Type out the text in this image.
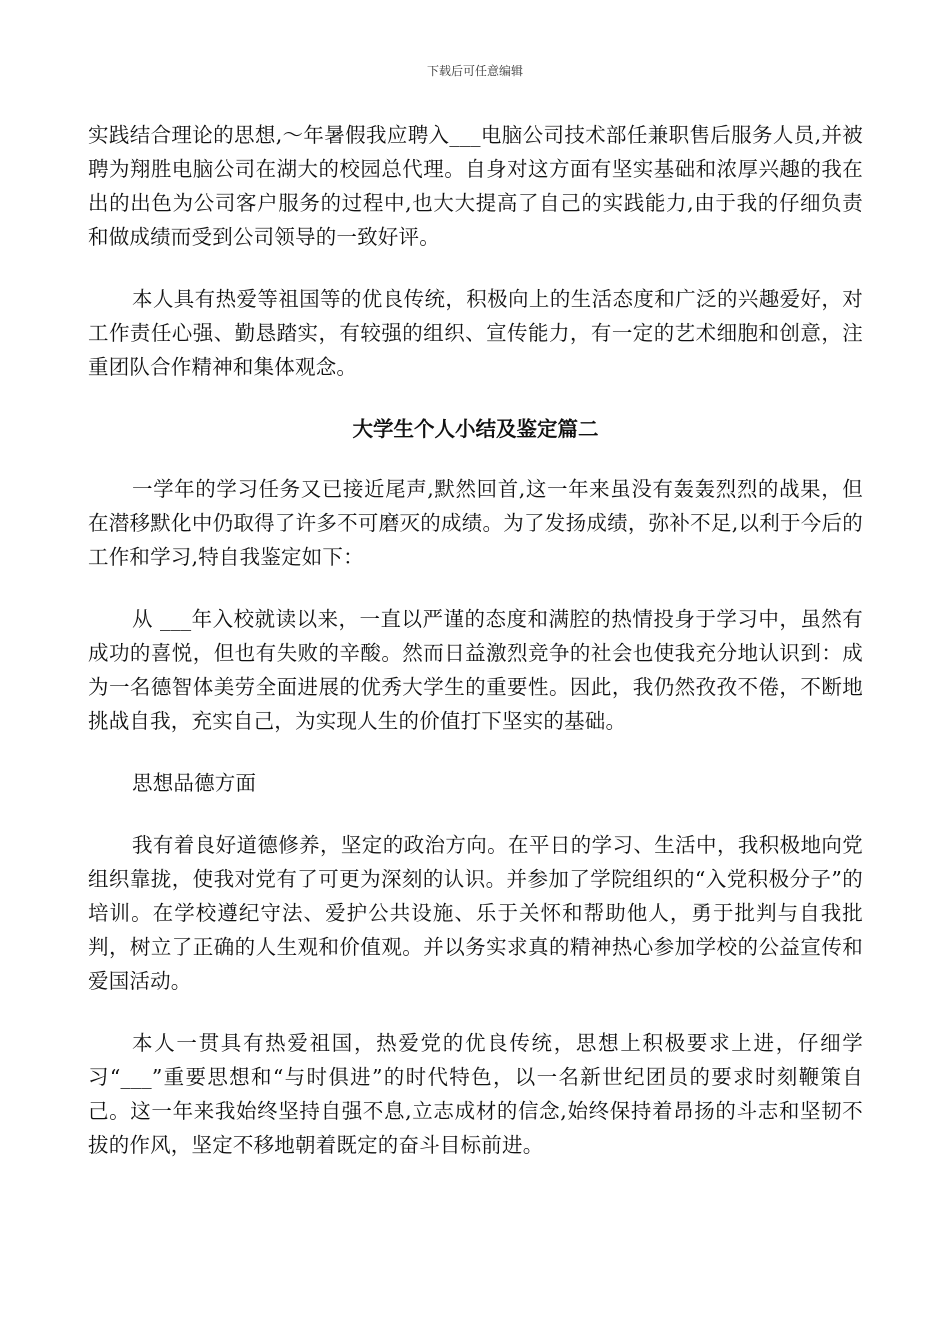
下载后可任意编辑

实践结合理论的思想,～年暑假我应聘入___电脑公司技术部任兼职售后服务人员,并被聘为翔胜电脑公司在湖大的校园总代理。自身对这方面有坚实基础和浓厚兴趣的我在出的出色为公司客户服务的过程中,也大大提高了自己的实践能力,由于我的仔细负责和做成绩而受到公司领导的一致好评。

本人具有热爱等祖国等的优良传统，积极向上的生活态度和广泛的兴趣爱好，对工作责任心强、勤恳踏实，有较强的组织、宣传能力，有一定的艺术细胞和创意，注重团队合作精神和集体观念。

大学生个人小结及鉴定篇二

一学年的学习任务又已接近尾声,默然回首,这一年来虽没有轰轰烈烈的战果，但在潜移默化中仍取得了许多不可磨灭的成绩。为了发扬成绩，弥补不足,以利于今后的工作和学习,特自我鉴定如下：

从 ___年入校就读以来，一直以严谨的态度和满腔的热情投身于学习中，虽然有成功的喜悦，但也有失败的辛酸。然而日益激烈竞争的社会也使我充分地认识到：成为一名德智体美劳全面进展的优秀大学生的重要性。因此，我仍然孜孜不倦，不断地挑战自我，充实自己，为实现人生的价值打下坚实的基础。

思想品德方面

我有着良好道德修养，坚定的政治方向。在平日的学习、生活中，我积极地向党组织靠拢，使我对党有了可更为深刻的认识。并参加了学院组织的“入党积极分子”的培训。在学校遵纪守法、爱护公共设施、乐于关怀和帮助他人，勇于批判与自我批判，树立了正确的人生观和价值观。并以务实求真的精神热心参加学校的公益宣传和爱国活动。

本人一贯具有热爱祖国，热爱党的优良传统，思想上积极要求上进，仔细学习“___”重要思想和“与时俱进”的时代特色，以一名新世纪团员的要求时刻鞭策自己。这一年来我始终坚持自强不息,立志成材的信念,始终保持着昂扬的斗志和坚韧不拔的作风，坚定不移地朝着既定的奋斗目标前进。
